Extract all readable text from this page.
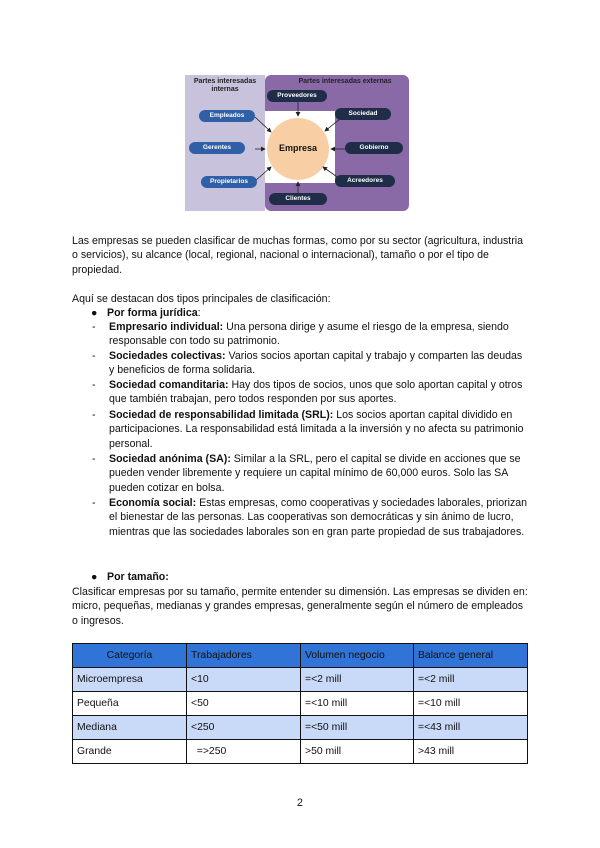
Partes interesadas internas
Partes interesadas externas
Empresa
Empleados
Gerentes
Propietarios
Proveedores
Sociedad
Gobierno
Acreedores
Clientes
Las empresas se pueden clasificar de muchas formas, como por su sector (agricultura, industria o servicios), su alcance (local, regional, nacional o internacional), tamaño o por el tipo de propiedad.
Aquí se destacan dos tipos principales de clasificación:
● Por forma jurídica:
- Empresario individual: Una persona dirige y asume el riesgo de la empresa, siendo responsable con todo su patrimonio.
- Sociedades colectivas: Varios socios aportan capital y trabajo y comparten las deudas y beneficios de forma solidaria.
- Sociedad comanditaria: Hay dos tipos de socios, unos que solo aportan capital y otros que también trabajan, pero todos responden por sus aportes.
- Sociedad de responsabilidad limitada (SRL): Los socios aportan capital dividido en participaciones. La responsabilidad está limitada a la inversión y no afecta su patrimonio personal.
- Sociedad anónima (SA): Similar a la SRL, pero el capital se divide en acciones que se pueden vender libremente y requiere un capital mínimo de 60,000 euros. Solo las SA pueden cotizar en bolsa.
- Economía social: Estas empresas, como cooperativas y sociedades laborales, priorizan el bienestar de las personas. Las cooperativas son democráticas y sin ánimo de lucro, mientras que las sociedades laborales son en gran parte propiedad de sus trabajadores.
● Por tamaño:
Clasificar empresas por su tamaño, permite entender su dimensión. Las empresas se dividen en: micro, pequeñas, medianas y grandes empresas, generalmente según el número de empleados o ingresos.
Categoría	Trabajadores	Volumen negocio	Balance general
Microempresa	<10	=<2 mill	=<2 mill
Pequeña	<50	=<10 mill	=<10 mill
Mediana	<250	=<50 mill	=<43 mill
Grande	=>250	>50 mill	>43 mill
2
